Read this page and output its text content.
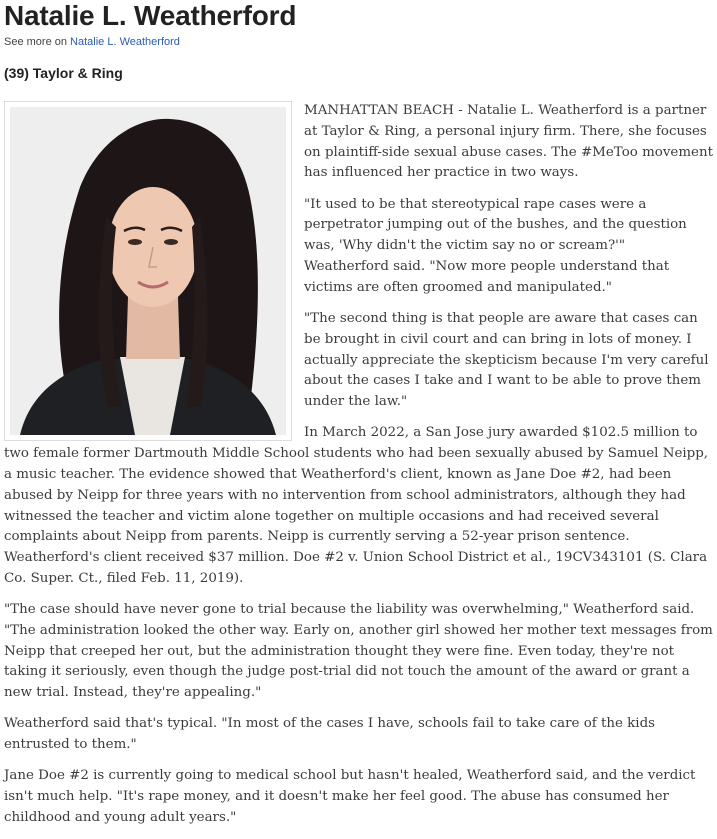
Natalie L. Weatherford
See more on Natalie L. Weatherford
(39) Taylor & Ring

MANHATTAN BEACH - Natalie L. Weatherford is a partner at Taylor & Ring, a personal injury firm. There, she focuses on plaintiff-side sexual abuse cases. The #MeToo movement has influenced her practice in two ways.

"It used to be that stereotypical rape cases were a perpetrator jumping out of the bushes, and the question was, 'Why didn't the victim say no or scream?'" Weatherford said. "Now more people understand that victims are often groomed and manipulated."

"The second thing is that people are aware that cases can be brought in civil court and can bring in lots of money. I actually appreciate the skepticism because I'm very careful about the cases I take and I want to be able to prove them under the law."

In March 2022, a San Jose jury awarded $102.5 million to two female former Dartmouth Middle School students who had been sexually abused by Samuel Neipp, a music teacher. The evidence showed that Weatherford's client, known as Jane Doe #2, had been abused by Neipp for three years with no intervention from school administrators, although they had witnessed the teacher and victim alone together on multiple occasions and had received several complaints about Neipp from parents. Neipp is currently serving a 52-year prison sentence. Weatherford's client received $37 million. Doe #2 v. Union School District et al., 19CV343101 (S. Clara Co. Super. Ct., filed Feb. 11, 2019).

"The case should have never gone to trial because the liability was overwhelming," Weatherford said. "The administration looked the other way. Early on, another girl showed her mother text messages from Neipp that creeped her out, but the administration thought they were fine. Even today, they're not taking it seriously, even though the judge post-trial did not touch the amount of the award or grant a new trial. Instead, they're appealing."

Weatherford said that's typical. "In most of the cases I have, schools fail to take care of the kids entrusted to them."

Jane Doe #2 is currently going to medical school but hasn't healed, Weatherford said, and the verdict isn't much help. "It's rape money, and it doesn't make her feel good. The abuse has consumed her childhood and young adult years."
